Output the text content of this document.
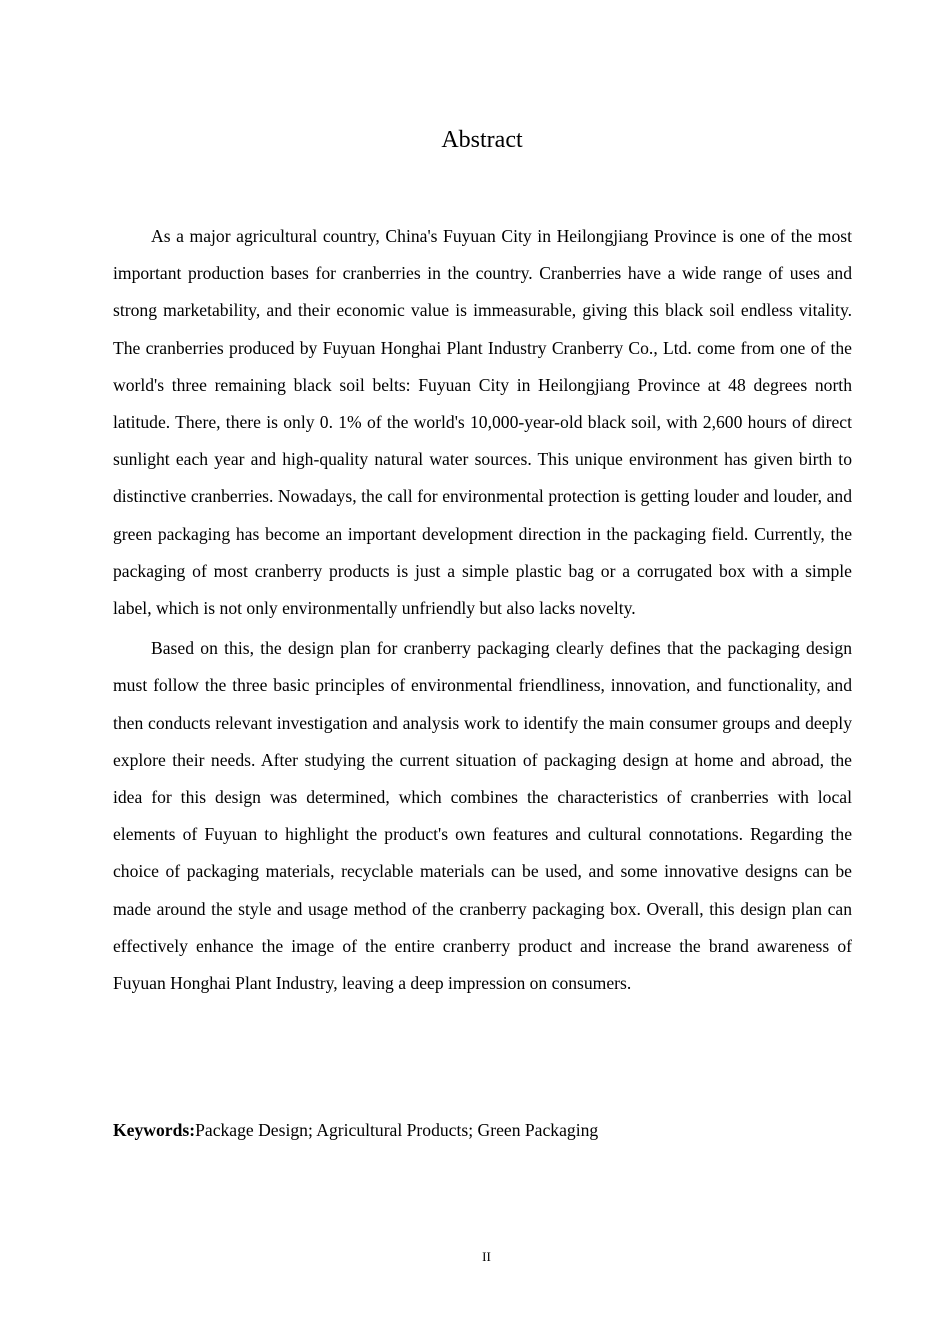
Abstract

As a major agricultural country, China's Fuyuan City in Heilongjiang Province is one of the most important production bases for cranberries in the country. Cranberries have a wide range of uses and strong marketability, and their economic value is immeasurable, giving this black soil endless vitality. The cranberries produced by Fuyuan Honghai Plant Industry Cranberry Co., Ltd. come from one of the world's three remaining black soil belts: Fuyuan City in Heilongjiang Province at 48 degrees north latitude. There, there is only 0. 1% of the world's 10,000-year-old black soil, with 2,600 hours of direct sunlight each year and high-quality natural water sources. This unique environment has given birth to distinctive cranberries. Nowadays, the call for environmental protection is getting louder and louder, and green packaging has become an important development direction in the packaging field. Currently, the packaging of most cranberry products is just a simple plastic bag or a corrugated box with a simple label, which is not only environmentally unfriendly but also lacks novelty.

Based on this, the design plan for cranberry packaging clearly defines that the packaging design must follow the three basic principles of environmental friendliness, innovation, and functionality, and then conducts relevant investigation and analysis work to identify the main consumer groups and deeply explore their needs. After studying the current situation of packaging design at home and abroad, the idea for this design was determined, which combines the characteristics of cranberries with local elements of Fuyuan to highlight the product's own features and cultural connotations. Regarding the choice of packaging materials, recyclable materials can be used, and some innovative designs can be made around the style and usage method of the cranberry packaging box. Overall, this design plan can effectively enhance the image of the entire cranberry product and increase the brand awareness of Fuyuan Honghai Plant Industry, leaving a deep impression on consumers.

Keywords:Package Design; Agricultural Products; Green Packaging
II
